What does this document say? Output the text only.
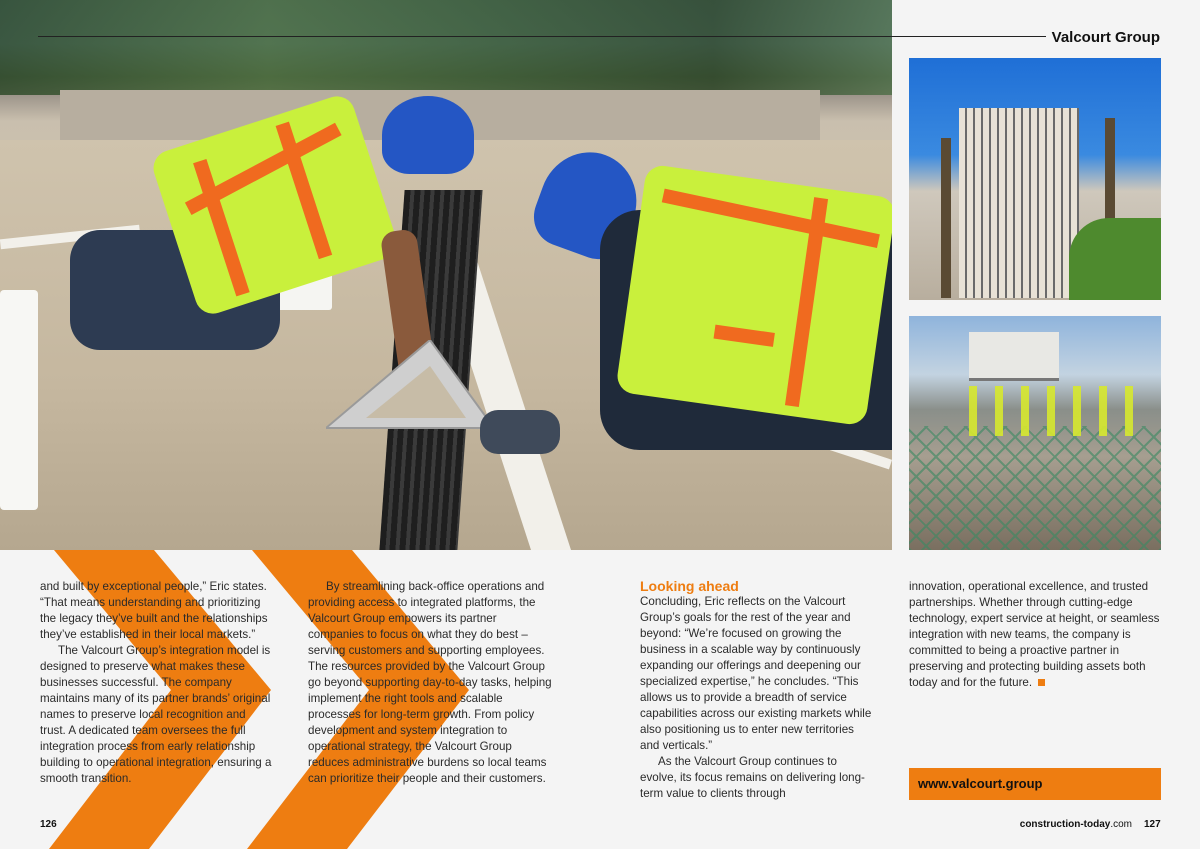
Valcourt Group

and built by exceptional people,” Eric states. “That means understanding and prioritizing the legacy they’ve built and the relationships they’ve established in their local markets.”

The Valcourt Group’s integration model is designed to preserve what makes these businesses successful. The company maintains many of its partner brands’ original names to preserve local recognition and trust. A dedicated team oversees the full integration process from early relationship building to operational integration, ensuring a smooth transition.

By streamlining back-office operations and providing access to integrated platforms, the Valcourt Group empowers its partner companies to focus on what they do best – serving customers and supporting employees. The resources provided by the Valcourt Group go beyond supporting day-to-day tasks, helping implement the right tools and scalable processes for long-term growth. From policy development and system integration to operational strategy, the Valcourt Group reduces administrative burdens so local teams can prioritize their people and their customers.

Looking ahead

Concluding, Eric reflects on the Valcourt Group’s goals for the rest of the year and beyond: “We’re focused on growing the business in a scalable way by continuously expanding our offerings and deepening our specialized expertise,” he concludes. “This allows us to provide a breadth of service capabilities across our existing markets while also positioning us to enter new territories and verticals.”

As the Valcourt Group continues to evolve, its focus remains on delivering long-term value to clients through

innovation, operational excellence, and trusted partnerships. Whether through cutting-edge technology, expert service at height, or seamless integration with new teams, the company is committed to being a proactive partner in preserving and protecting building assets both today and for the future.

www.valcourt.group
126	construction-today.com 127
